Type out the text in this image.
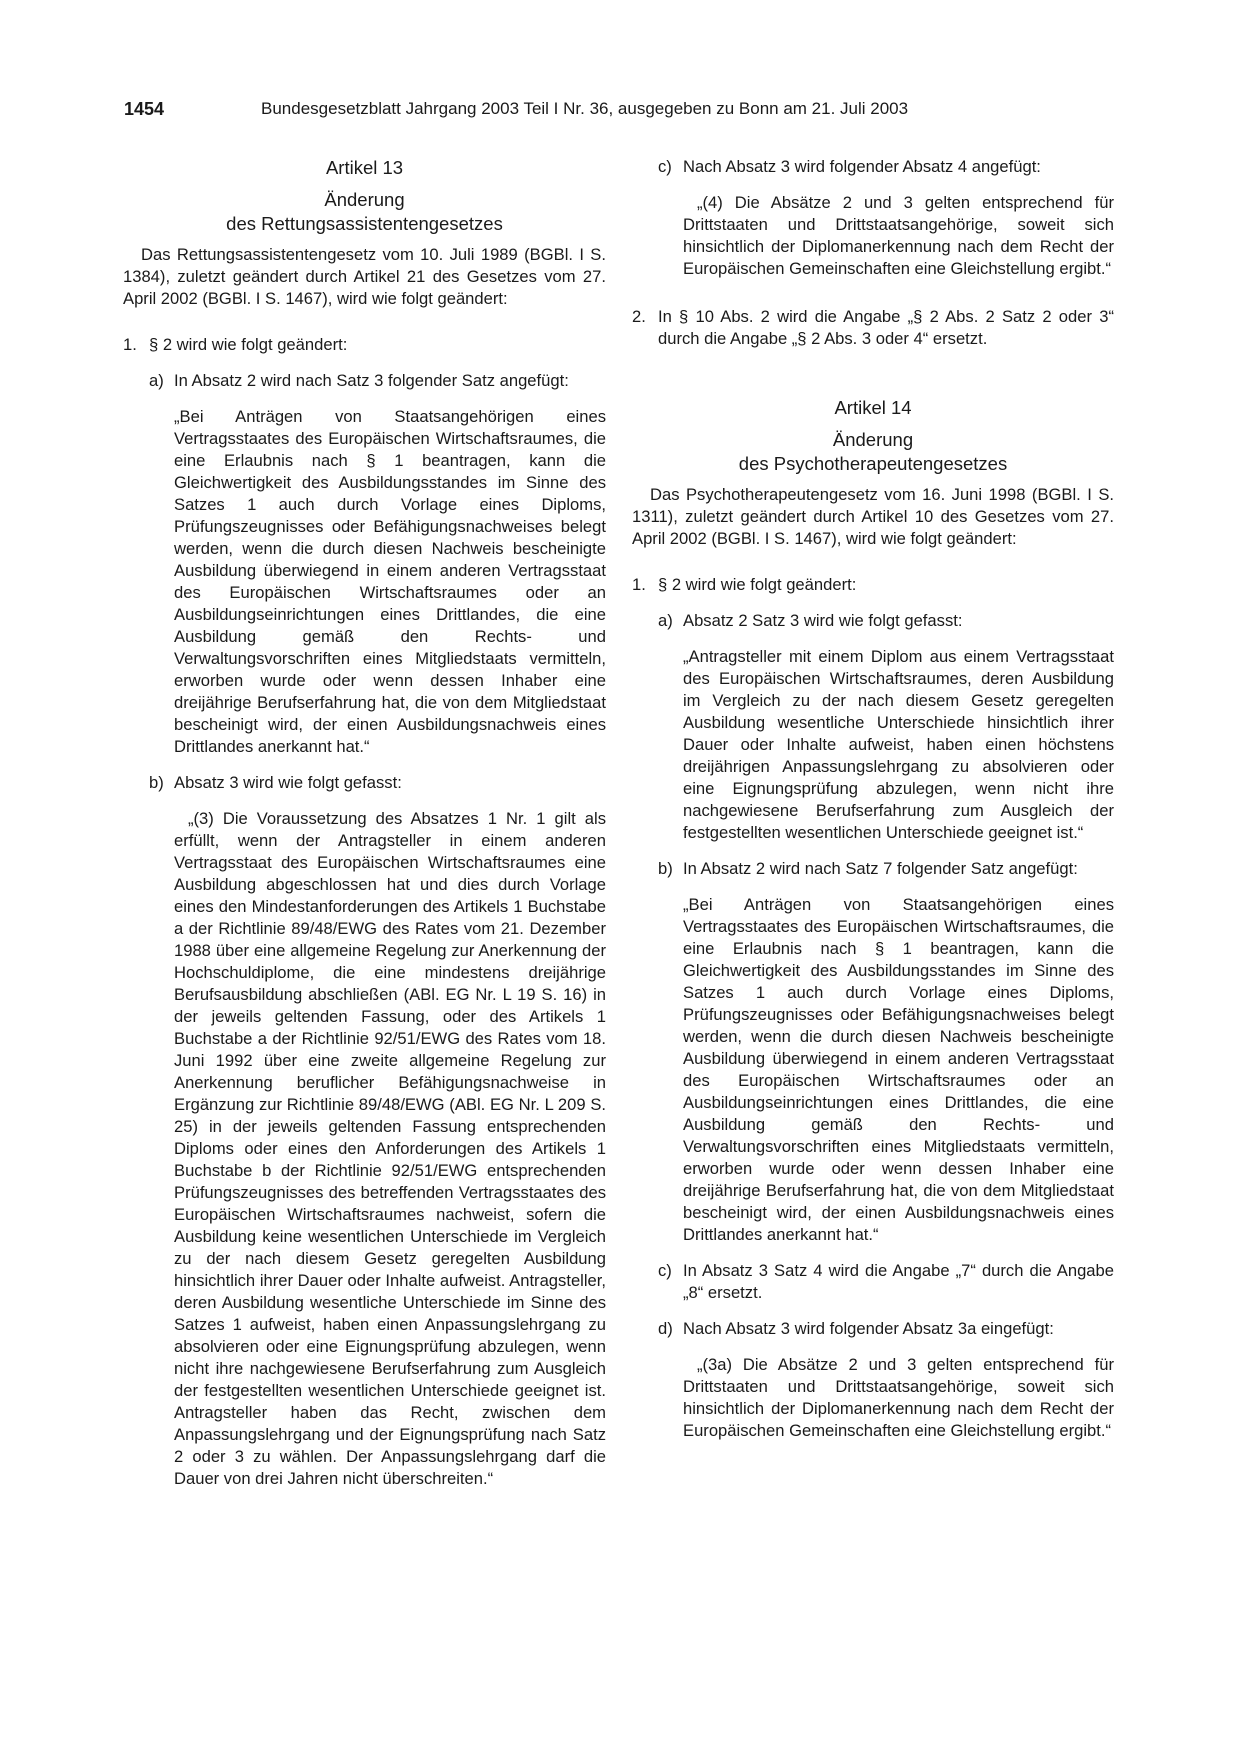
1454	Bundesgesetzblatt Jahrgang 2003 Teil I Nr. 36, ausgegeben zu Bonn am 21. Juli 2003

Artikel 13

Änderung
des Rettungsassistentengesetzes

Das Rettungsassistentengesetz vom 10. Juli 1989 (BGBl. I S. 1384), zuletzt geändert durch Artikel 21 des Gesetzes vom 27. April 2002 (BGBl. I S. 1467), wird wie folgt geändert:

1. § 2 wird wie folgt geändert:
a) In Absatz 2 wird nach Satz 3 folgender Satz angefügt:

„Bei Anträgen von Staatsangehörigen eines Vertragsstaates des Europäischen Wirtschaftsraumes, die eine Erlaubnis nach § 1 beantragen, kann die Gleichwertigkeit des Ausbildungsstandes im Sinne des Satzes 1 auch durch Vorlage eines Diploms, Prüfungszeugnisses oder Befähigungsnachweises belegt werden, wenn die durch diesen Nachweis bescheinigte Ausbildung überwiegend in einem anderen Vertragsstaat des Europäischen Wirtschaftsraumes oder an Ausbildungseinrichtungen eines Drittlandes, die eine Ausbildung gemäß den Rechts- und Verwaltungsvorschriften eines Mitgliedstaats vermitteln, erworben wurde oder wenn dessen Inhaber eine dreijährige Berufserfahrung hat, die von dem Mitgliedstaat bescheinigt wird, der einen Ausbildungsnachweis eines Drittlandes anerkannt hat.“

b) Absatz 3 wird wie folgt gefasst:

„(3) Die Voraussetzung des Absatzes 1 Nr. 1 gilt als erfüllt, wenn der Antragsteller in einem anderen Vertragsstaat des Europäischen Wirtschaftsraumes eine Ausbildung abgeschlossen hat und dies durch Vorlage eines den Mindestanforderungen des Artikels 1 Buchstabe a der Richtlinie 89/48/EWG des Rates vom 21. Dezember 1988 über eine allgemeine Regelung zur Anerkennung der Hochschuldiplome, die eine mindestens dreijährige Berufsausbildung abschließen (ABl. EG Nr. L 19 S. 16) in der jeweils geltenden Fassung, oder des Artikels 1 Buchstabe a der Richtlinie 92/51/EWG des Rates vom 18. Juni 1992 über eine zweite allgemeine Regelung zur Anerkennung beruflicher Befähigungsnachweise in Ergänzung zur Richtlinie 89/48/EWG (ABl. EG Nr. L 209 S. 25) in der jeweils geltenden Fassung entsprechenden Diploms oder eines den Anforderungen des Artikels 1 Buchstabe b der Richtlinie 92/51/EWG entsprechenden Prüfungszeugnisses des betreffenden Vertragsstaates des Europäischen Wirtschaftsraumes nachweist, sofern die Ausbildung keine wesentlichen Unterschiede im Vergleich zu der nach diesem Gesetz geregelten Ausbildung hinsichtlich ihrer Dauer oder Inhalte aufweist. Antragsteller, deren Ausbildung wesentliche Unterschiede im Sinne des Satzes 1 aufweist, haben einen Anpassungslehrgang zu absolvieren oder eine Eignungsprüfung abzulegen, wenn nicht ihre nachgewiesene Berufserfahrung zum Ausgleich der festgestellten wesentlichen Unterschiede geeignet ist. Antragsteller haben das Recht, zwischen dem Anpassungslehrgang und der Eignungsprüfung nach Satz 2 oder 3 zu wählen. Der Anpassungslehrgang darf die Dauer von drei Jahren nicht überschreiten.“

c) Nach Absatz 3 wird folgender Absatz 4 angefügt:

„(4) Die Absätze 2 und 3 gelten entsprechend für Drittstaaten und Drittstaatsangehörige, soweit sich hinsichtlich der Diplomanerkennung nach dem Recht der Europäischen Gemeinschaften eine Gleichstellung ergibt.“

2. In § 10 Abs. 2 wird die Angabe „§ 2 Abs. 2 Satz 2 oder 3“ durch die Angabe „§ 2 Abs. 3 oder 4“ ersetzt.

Artikel 14

Änderung
des Psychotherapeutengesetzes

Das Psychotherapeutengesetz vom 16. Juni 1998 (BGBl. I S. 1311), zuletzt geändert durch Artikel 10 des Gesetzes vom 27. April 2002 (BGBl. I S. 1467), wird wie folgt geändert:

1. § 2 wird wie folgt geändert:
a) Absatz 2 Satz 3 wird wie folgt gefasst:

„Antragsteller mit einem Diplom aus einem Vertragsstaat des Europäischen Wirtschaftsraumes, deren Ausbildung im Vergleich zu der nach diesem Gesetz geregelten Ausbildung wesentliche Unterschiede hinsichtlich ihrer Dauer oder Inhalte aufweist, haben einen höchstens dreijährigen Anpassungslehrgang zu absolvieren oder eine Eignungsprüfung abzulegen, wenn nicht ihre nachgewiesene Berufserfahrung zum Ausgleich der festgestellten wesentlichen Unterschiede geeignet ist.“

b) In Absatz 2 wird nach Satz 7 folgender Satz angefügt:

„Bei Anträgen von Staatsangehörigen eines Vertragsstaates des Europäischen Wirtschaftsraumes, die eine Erlaubnis nach § 1 beantragen, kann die Gleichwertigkeit des Ausbildungsstandes im Sinne des Satzes 1 auch durch Vorlage eines Diploms, Prüfungszeugnisses oder Befähigungsnachweises belegt werden, wenn die durch diesen Nachweis bescheinigte Ausbildung überwiegend in einem anderen Vertragsstaat des Europäischen Wirtschaftsraumes oder an Ausbildungseinrichtungen eines Drittlandes, die eine Ausbildung gemäß den Rechts- und Verwaltungsvorschriften eines Mitgliedstaats vermitteln, erworben wurde oder wenn dessen Inhaber eine dreijährige Berufserfahrung hat, die von dem Mitgliedstaat bescheinigt wird, der einen Ausbildungsnachweis eines Drittlandes anerkannt hat.“

c) In Absatz 3 Satz 4 wird die Angabe „7“ durch die Angabe „8“ ersetzt.
d) Nach Absatz 3 wird folgender Absatz 3a eingefügt:

„(3a) Die Absätze 2 und 3 gelten entsprechend für Drittstaaten und Drittstaatsangehörige, soweit sich hinsichtlich der Diplomanerkennung nach dem Recht der Europäischen Gemeinschaften eine Gleichstellung ergibt.“
